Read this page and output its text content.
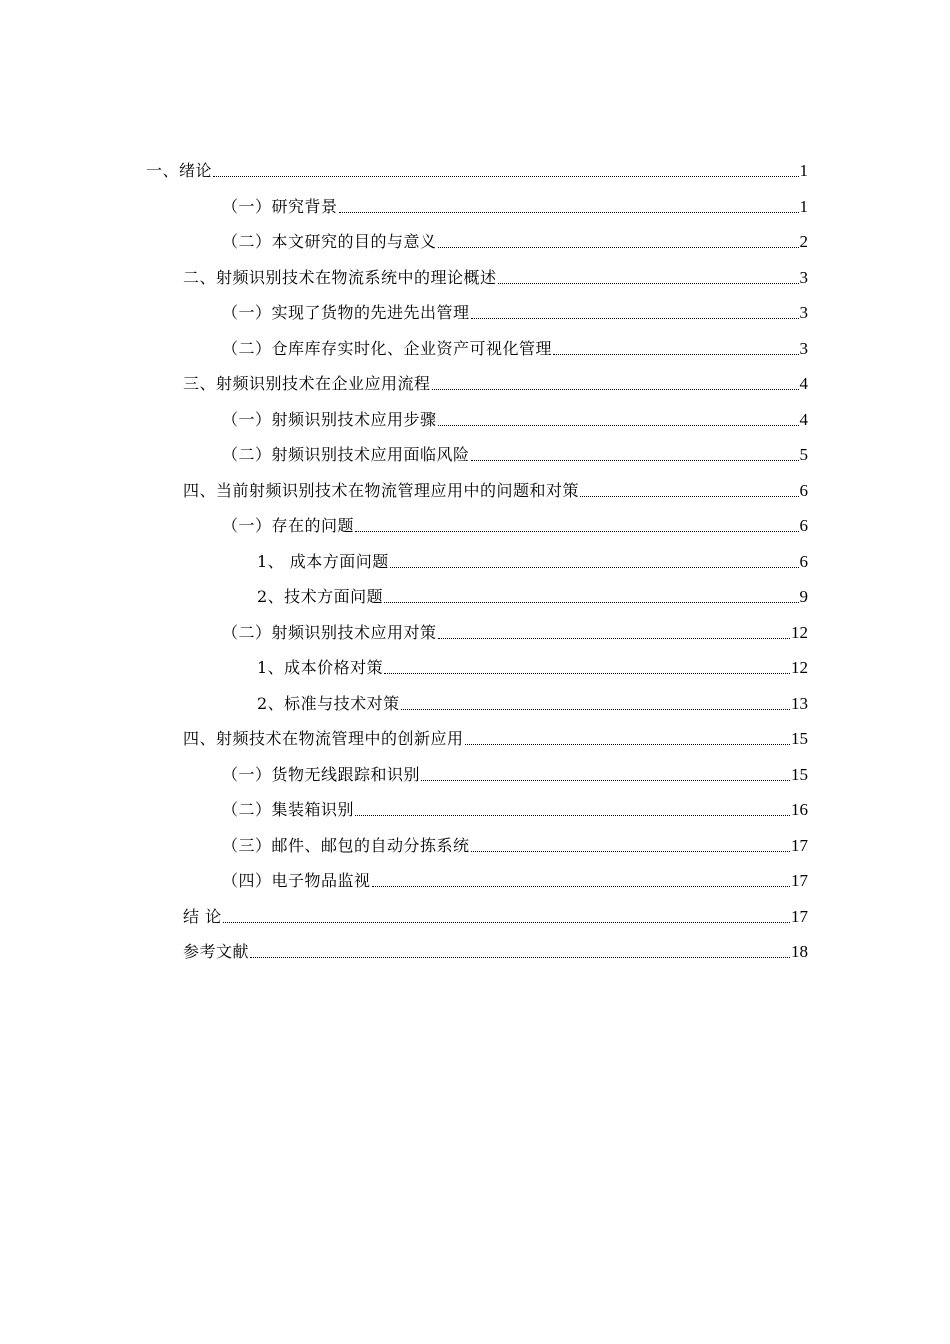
一、绪论	1
（一）研究背景	1
（二）本文研究的目的与意义	2
二、射频识别技术在物流系统中的理论概述	3
（一）实现了货物的先进先出管理	3
（二）仓库库存实时化、企业资产可视化管理	3
三、射频识别技术在企业应用流程	4
（一）射频识别技术应用步骤	4
（二）射频识别技术应用面临风险	5
四、当前射频识别技术在物流管理应用中的问题和对策	6
（一）存在的问题	6
1、 成本方面问题	6
2、技术方面问题	9
（二）射频识别技术应用对策	12
1、成本价格对策	12
2、标准与技术对策	13
四、射频技术在物流管理中的创新应用	15
（一）货物无线跟踪和识别	15
（二）集装箱识别	16
（三）邮件、邮包的自动分拣系统	17
（四）电子物品监视	17
结 论	17
参考文献	18
